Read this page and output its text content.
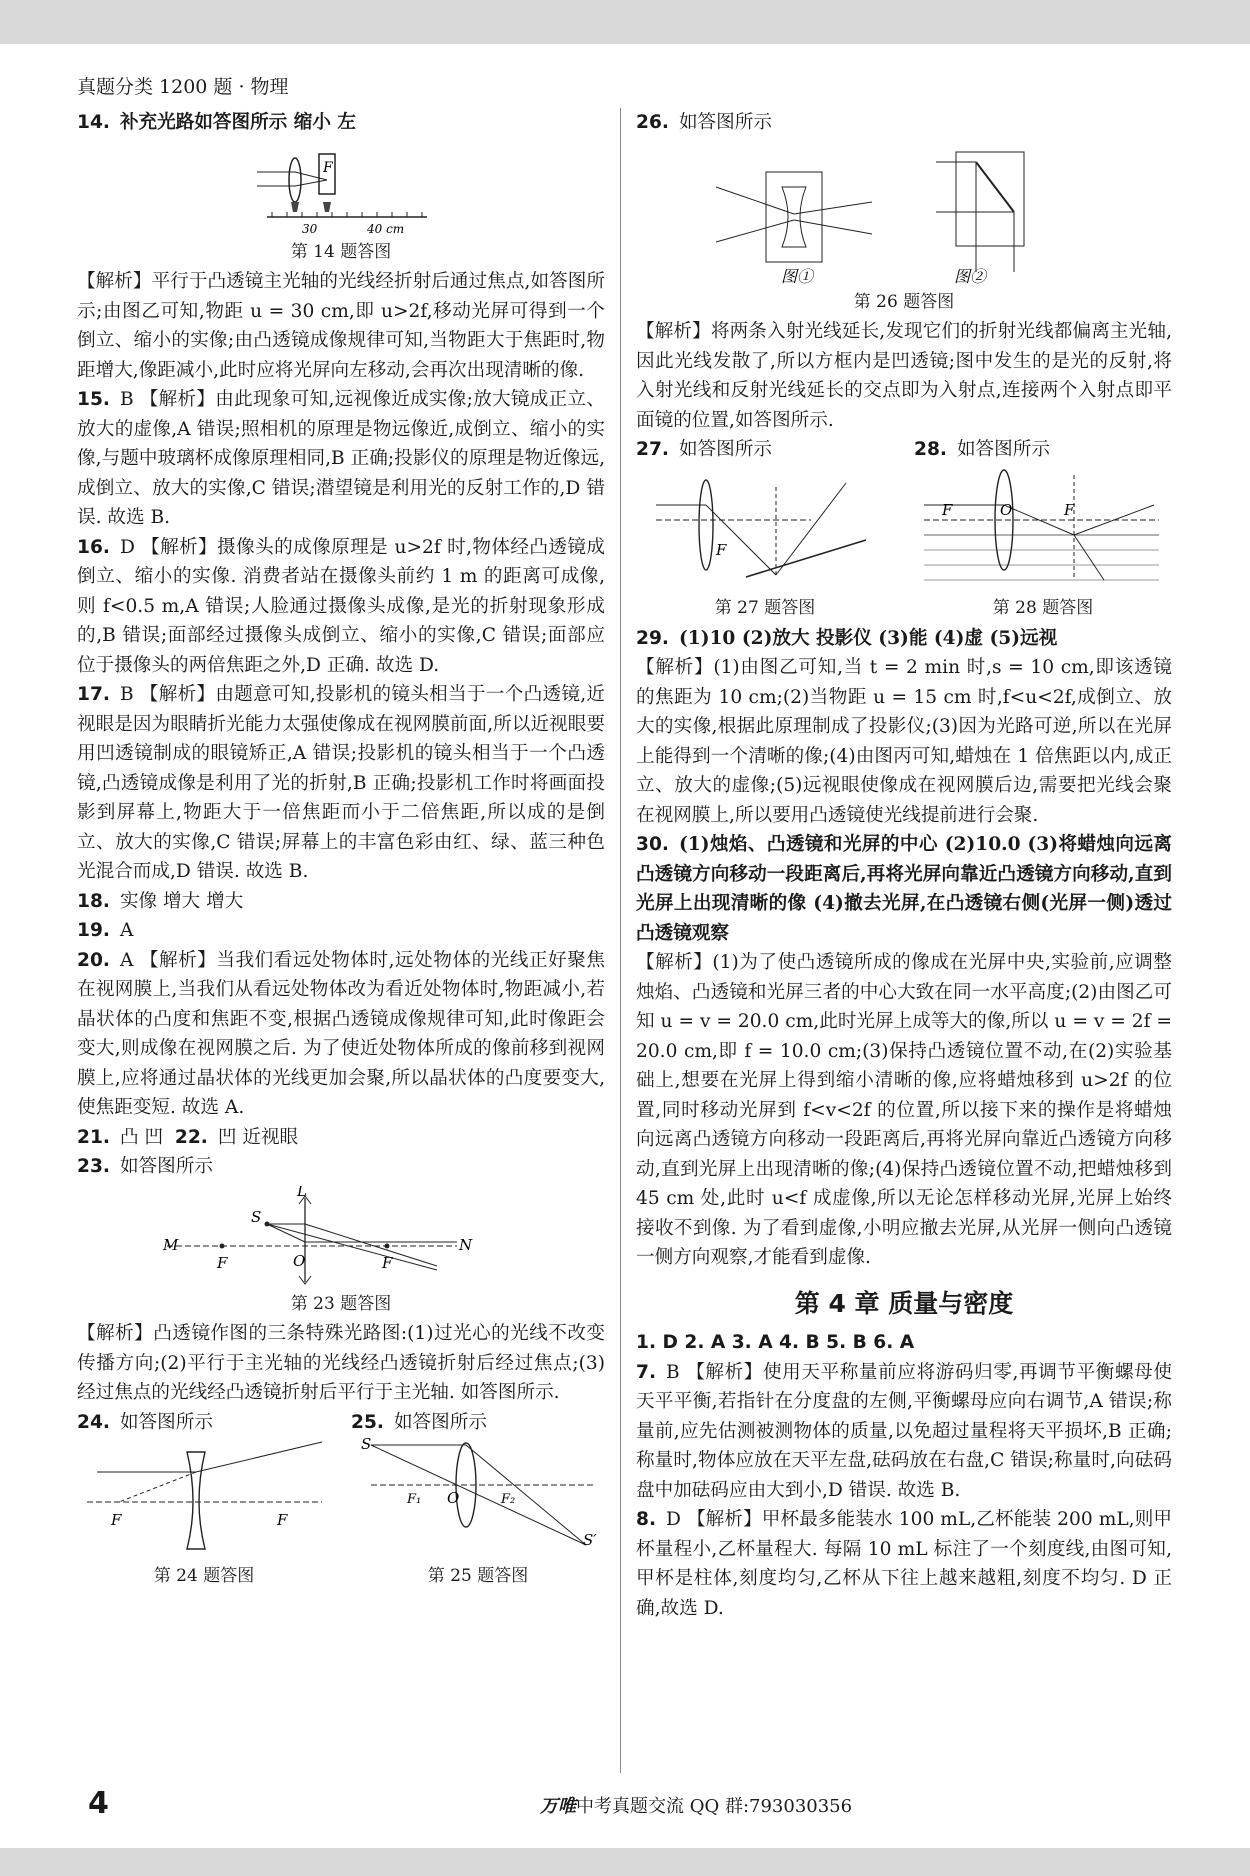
真题分类 1200 题 · 物理

14. 补充光路如答图所示 缩小 左

F
30	40 cm
第 14 题答图

【解析】平行于凸透镜主光轴的光线经折射后通过焦点,如答图所示;由图乙可知,物距 u = 30 cm,即 u>2f,移动光屏可得到一个倒立、缩小的实像;由凸透镜成像规律可知,当物距大于焦距时,物距增大,像距减小,此时应将光屏向左移动,会再次出现清晰的像.

15. B 【解析】由此现象可知,远视像近成实像;放大镜成正立、放大的虚像,A 错误;照相机的原理是物远像近,成倒立、缩小的实像,与题中玻璃杯成像原理相同,B 正确;投影仪的原理是物近像远,成倒立、放大的实像,C 错误;潜望镜是利用光的反射工作的,D 错误. 故选 B.

16. D 【解析】摄像头的成像原理是 u>2f 时,物体经凸透镜成倒立、缩小的实像. 消费者站在摄像头前约 1 m 的距离可成像,则 f<0.5 m,A 错误;人脸通过摄像头成像,是光的折射现象形成的,B 错误;面部经过摄像头成倒立、缩小的实像,C 错误;面部应位于摄像头的两倍焦距之外,D 正确. 故选 D.

17. B 【解析】由题意可知,投影机的镜头相当于一个凸透镜,近视眼是因为眼睛折光能力太强使像成在视网膜前面,所以近视眼要用凹透镜制成的眼镜矫正,A 错误;投影机的镜头相当于一个凸透镜,凸透镜成像是利用了光的折射,B 正确;投影机工作时将画面投影到屏幕上,物距大于一倍焦距而小于二倍焦距,所以成的是倒立、放大的实像,C 错误;屏幕上的丰富色彩由红、绿、蓝三种色光混合而成,D 错误. 故选 B.

18. 实像 增大 增大

19. A

20. A 【解析】当我们看远处物体时,远处物体的光线正好聚焦在视网膜上,当我们从看远处物体改为看近处物体时,物距减小,若晶状体的凸度和焦距不变,根据凸透镜成像规律可知,此时像距会变大,则成像在视网膜之后. 为了使近处物体所成的像前移到视网膜上,应将通过晶状体的光线更加会聚,所以晶状体的凸度要变大,使焦距变短. 故选 A.

21. 凸 凹 22. 凹 近视眼

23. 如答图所示

L
S
M
F	O	F
N
第 23 题答图

【解析】凸透镜作图的三条特殊光路图:(1)过光心的光线不改变传播方向;(2)平行于主光轴的光线经凸透镜折射后经过焦点;(3)经过焦点的光线经凸透镜折射后平行于主光轴. 如答图所示.

24. 如答图所示

F	F
第 24 题答图

25. 如答图所示

S
F₁ O	F₂
S′
第 25 题答图

26. 如答图所示

图①	图②
第 26 题答图

【解析】将两条入射光线延长,发现它们的折射光线都偏离主光轴,因此光线发散了,所以方框内是凹透镜;图中发生的是光的反射,将入射光线和反射光线延长的交点即为入射点,连接两个入射点即平面镜的位置,如答图所示.

27. 如答图所示

F
第 27 题答图

28. 如答图所示

F	O	F
第 28 题答图

29. (1)10 (2)放大 投影仪 (3)能 (4)虚 (5)远视

【解析】(1)由图乙可知,当 t = 2 min 时,s = 10 cm,即该透镜的焦距为 10 cm;(2)当物距 u = 15 cm 时,f<u<2f,成倒立、放大的实像,根据此原理制成了投影仪;(3)因为光路可逆,所以在光屏上能得到一个清晰的像;(4)由图丙可知,蜡烛在 1 倍焦距以内,成正立、放大的虚像;(5)远视眼使像成在视网膜后边,需要把光线会聚在视网膜上,所以要用凸透镜使光线提前进行会聚.

30. (1)烛焰、凸透镜和光屏的中心 (2)10.0 (3)将蜡烛向远离凸透镜方向移动一段距离后,再将光屏向靠近凸透镜方向移动,直到光屏上出现清晰的像 (4)撤去光屏,在凸透镜右侧(光屏一侧)透过凸透镜观察

【解析】(1)为了使凸透镜所成的像成在光屏中央,实验前,应调整烛焰、凸透镜和光屏三者的中心大致在同一水平高度;(2)由图乙可知 u = v = 20.0 cm,此时光屏上成等大的像,所以 u = v = 2f = 20.0 cm,即 f = 10.0 cm;(3)保持凸透镜位置不动,在(2)实验基础上,想要在光屏上得到缩小清晰的像,应将蜡烛移到 u>2f 的位置,同时移动光屏到 f<v<2f 的位置,所以接下来的操作是将蜡烛向远离凸透镜方向移动一段距离后,再将光屏向靠近凸透镜方向移动,直到光屏上出现清晰的像;(4)保持凸透镜位置不动,把蜡烛移到 45 cm 处,此时 u<f 成虚像,所以无论怎样移动光屏,光屏上始终接收不到像. 为了看到虚像,小明应撤去光屏,从光屏一侧向凸透镜一侧方向观察,才能看到虚像.

第 4 章 质量与密度

1. D 2. A 3. A 4. B 5. B 6. A

7. B 【解析】使用天平称量前应将游码归零,再调节平衡螺母使天平平衡,若指针在分度盘的左侧,平衡螺母应向右调节,A 错误;称量前,应先估测被测物体的质量,以免超过量程将天平损坏,B 正确;称量时,物体应放在天平左盘,砝码放在右盘,C 错误;称量时,向砝码盘中加砝码应由大到小,D 错误. 故选 B.

8. D 【解析】甲杯最多能装水 100 mL,乙杯能装 200 mL,则甲杯量程小,乙杯量程大. 每隔 10 mL 标注了一个刻度线,由图可知,甲杯是柱体,刻度均匀,乙杯从下往上越来越粗,刻度不均匀. D 正确,故选 D.

4	万唯中考真题交流 QQ 群:793030356
